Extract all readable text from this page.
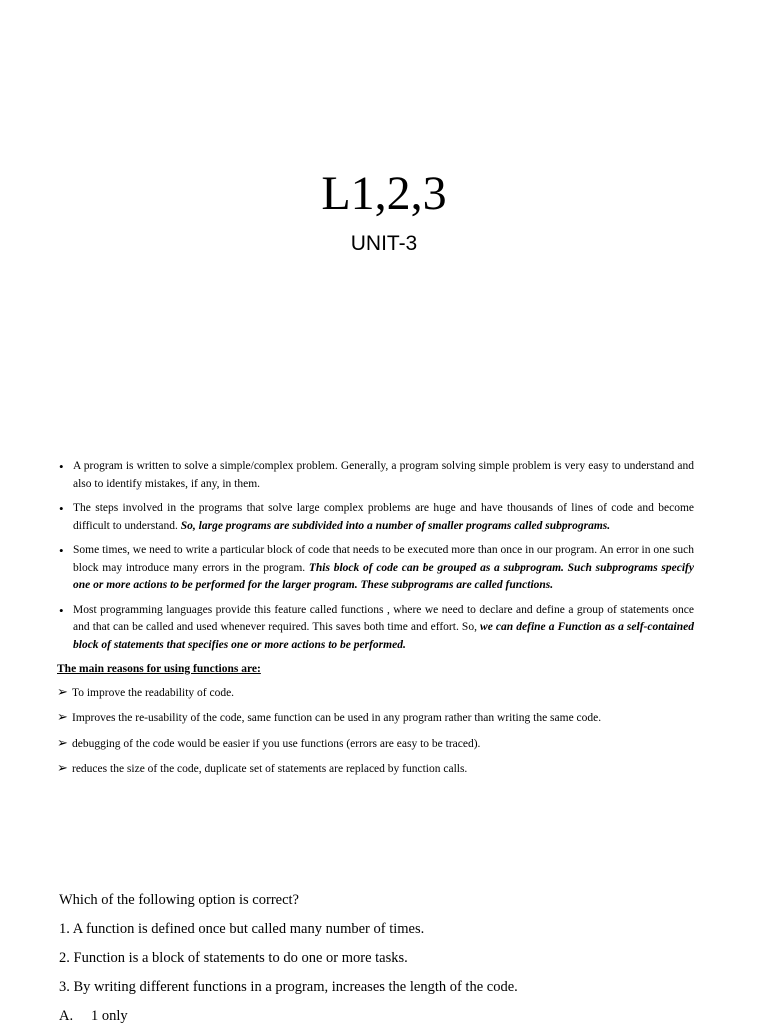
L1,2,3
UNIT-3
• A program is written to solve a simple/complex problem. Generally, a program solving simple problem is very easy to understand and also to identify mistakes, if any, in them.
• The steps involved in the programs that solve large complex problems are huge and have thousands of lines of code and become difficult to understand. So, large programs are subdivided into a number of smaller programs called subprograms.
• Some times, we need to write a particular block of code that needs to be executed more than once in our program. An error in one such block may introduce many errors in the program. This block of code can be grouped as a subprogram. Such subprograms specify one or more actions to be performed for the larger program. These subprograms are called functions.
• Most programming languages provide this feature called functions , where we need to declare and define a group of statements once and that can be called and used whenever required. This saves both time and effort. So, we can define a Function as a self-contained block of statements that specifies one or more actions to be performed.
The main reasons for using functions are:
➢ To improve the readability of code.
➢ Improves the re-usability of the code, same function can be used in any program rather than writing the same code.
➢ debugging of the code would be easier if you use functions (errors are easy to be traced).
➢ reduces the size of the code, duplicate set of statements are replaced by function calls.

Which of the following option is correct?

1. A function is defined once but called many number of times.

2. Function is a block of statements to do one or more tasks.

3. By writing different functions in a program, increases the length of the code.

A. 1 only
